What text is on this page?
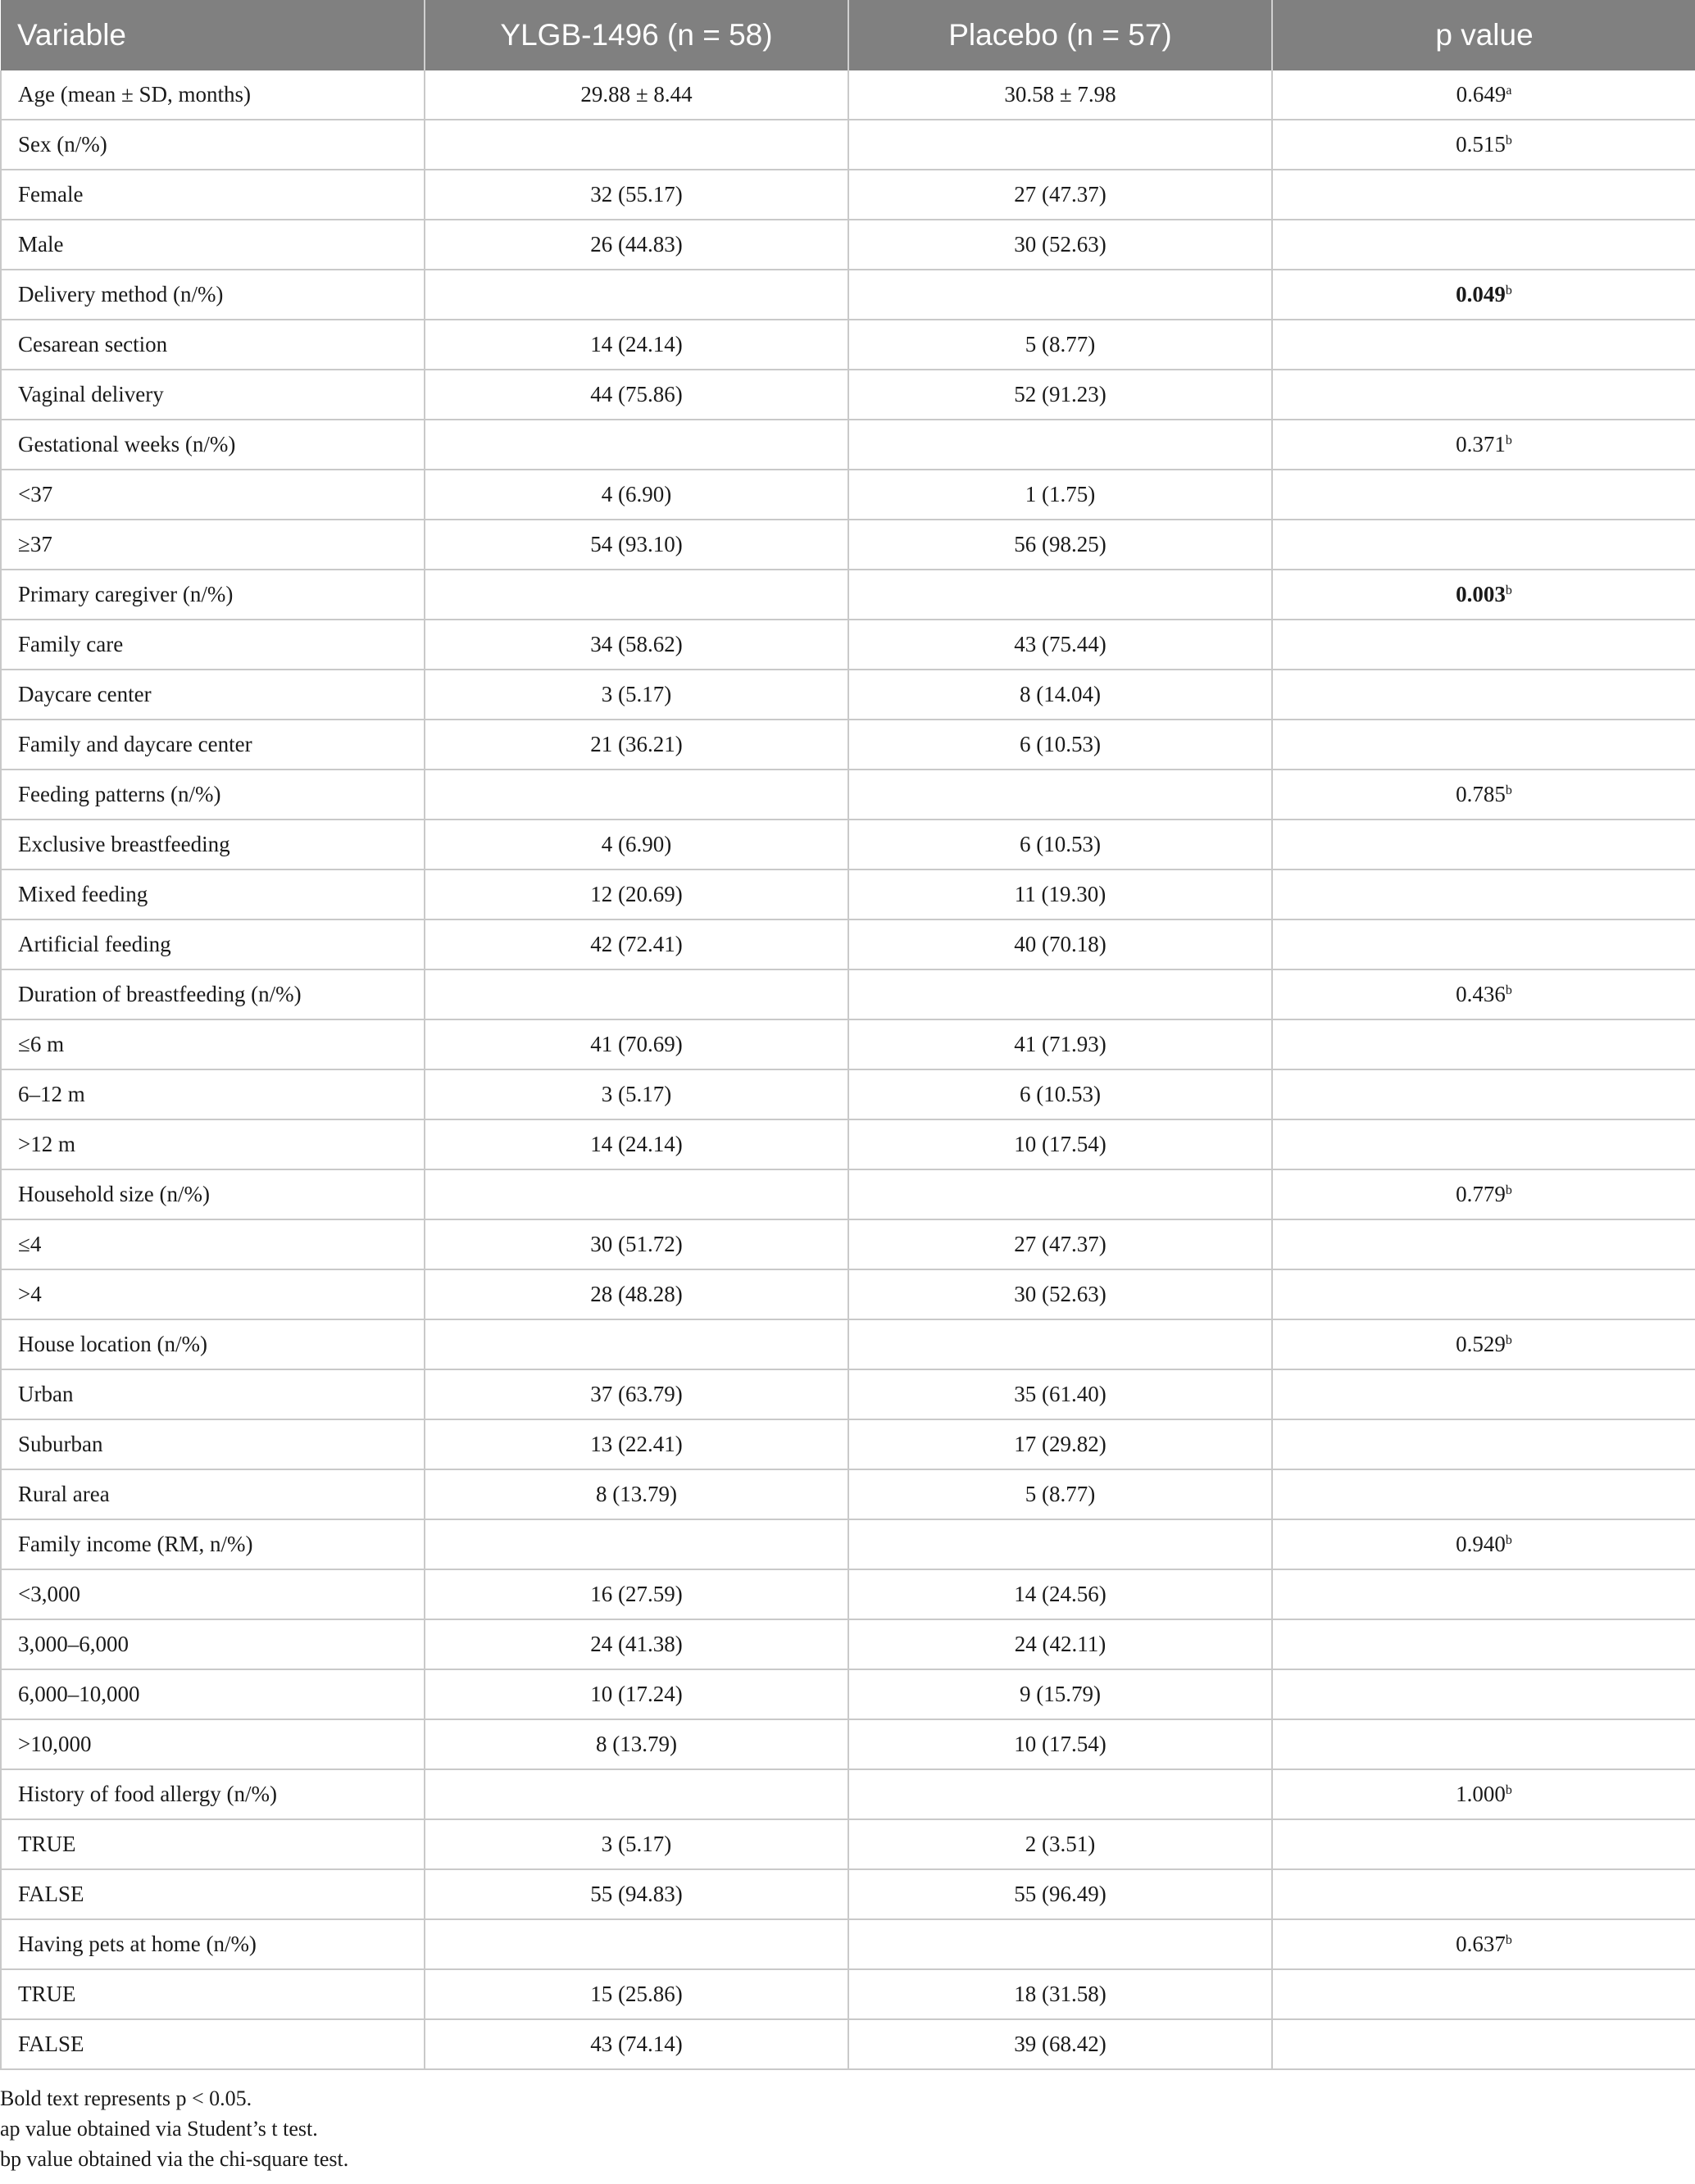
Variable	YLGB-1496 (n = 58)	Placebo (n = 57)	p value
Age (mean ± SD, months)	29.88 ± 8.44	30.58 ± 7.98	0.649$^a$
Sex (n/%)			0.515$^b$
Female	32 (55.17)	27 (47.37)	
Male	26 (44.83)	30 (52.63)	
Delivery method (n/%)			0.049$^b$
Cesarean section	14 (24.14)	5 (8.77)	
Vaginal delivery	44 (75.86)	52 (91.23)	
Gestational weeks (n/%)			0.371$^b$
<37	4 (6.90)	1 (1.75)	
≥37	54 (93.10)	56 (98.25)	
Primary caregiver (n/%)			0.003$^b$
Family care	34 (58.62)	43 (75.44)	
Daycare center	3 (5.17)	8 (14.04)	
Family and daycare center	21 (36.21)	6 (10.53)	
Feeding patterns (n/%)			0.785$^b$
Exclusive breastfeeding	4 (6.90)	6 (10.53)	
Mixed feeding	12 (20.69)	11 (19.30)	
Artificial feeding	42 (72.41)	40 (70.18)	
Duration of breastfeeding (n/%)			0.436$^b$
≤6 m	41 (70.69)	41 (71.93)	
6–12 m	3 (5.17)	6 (10.53)	
>12 m	14 (24.14)	10 (17.54)	
Household size (n/%)			0.779$^b$
≤4	30 (51.72)	27 (47.37)	
>4	28 (48.28)	30 (52.63)	
House location (n/%)			0.529$^b$
Urban	37 (63.79)	35 (61.40)	
Suburban	13 (22.41)	17 (29.82)	
Rural area	8 (13.79)	5 (8.77)	
Family income (RM, n/%)			0.940$^b$
<3,000	16 (27.59)	14 (24.56)	
3,000–6,000	24 (41.38)	24 (42.11)	
6,000–10,000	10 (17.24)	9 (15.79)	
>10,000	8 (13.79)	10 (17.54)	
History of food allergy (n/%)			1.000$^b$
TRUE	3 (5.17)	2 (3.51)	
FALSE	55 (94.83)	55 (96.49)	
Having pets at home (n/%)			0.637$^b$
TRUE	15 (25.86)	18 (31.58)	
FALSE	43 (74.14)	39 (68.42)	
Bold text represents p < 0.05.
ap value obtained via Student’s t test.
bp value obtained via the chi-square test.
